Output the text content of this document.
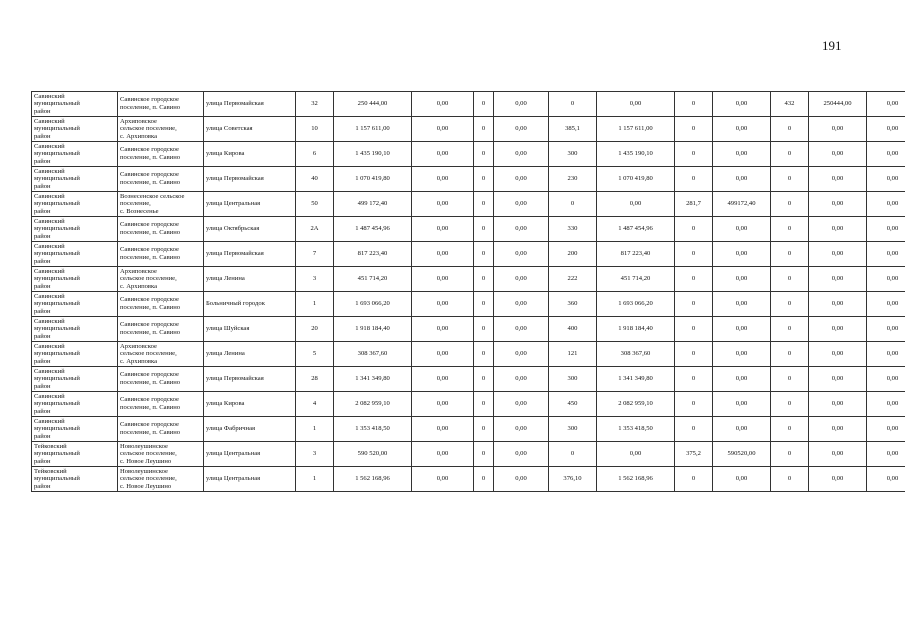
191
Савинский
муниципальный
район	Савинское городское
поселение, п. Савино	улица Первомайская	32	250 444,00	0,00	0	0,00	0	0,00	0	0,00	432	250444,00	0,00
Савинский
муниципальный
район	Архиповское
сельское поселение,
с. Архиповка	улица Советская	10	1 157 611,00	0,00	0	0,00	385,1	1 157 611,00	0	0,00	0	0,00	0,00
Савинский
муниципальный
район	Савинское городское
поселение, п. Савино	улица Кирова	6	1 435 190,10	0,00	0	0,00	300	1 435 190,10	0	0,00	0	0,00	0,00
Савинский
муниципальный
район	Савинское городское
поселение, п. Савино	улица Первомайская	40	1 070 419,80	0,00	0	0,00	230	1 070 419,80	0	0,00	0	0,00	0,00
Савинский
муниципальный
район	Вознесенское сельское
поселение,
с. Вознесенье	улица Центральная	50	499 172,40	0,00	0	0,00	0	0,00	281,7	499172,40	0	0,00	0,00
Савинский
муниципальный
район	Савинское городское
поселение, п. Савино	улица Октябрьская	2А	1 487 454,96	0,00	0	0,00	330	1 487 454,96	0	0,00	0	0,00	0,00
Савинский
муниципальный
район	Савинское городское
поселение, п. Савино	улица Первомайская	7	817 223,40	0,00	0	0,00	200	817 223,40	0	0,00	0	0,00	0,00
Савинский
муниципальный
район	Архиповское
сельское поселение,
с. Архиповка	улица Ленина	3	451 714,20	0,00	0	0,00	222	451 714,20	0	0,00	0	0,00	0,00
Савинский
муниципальный
район	Савинское городское
поселение, п. Савино	Больничный городок	1	1 693 066,20	0,00	0	0,00	360	1 693 066,20	0	0,00	0	0,00	0,00
Савинский
муниципальный
район	Савинское городское
поселение, п. Савино	улица Шуйская	20	1 918 184,40	0,00	0	0,00	400	1 918 184,40	0	0,00	0	0,00	0,00
Савинский
муниципальный
район	Архиповское
сельское поселение,
с. Архиповка	улица Ленина	5	308 367,60	0,00	0	0,00	121	308 367,60	0	0,00	0	0,00	0,00
Савинский
муниципальный
район	Савинское городское
поселение, п. Савино	улица Первомайская	28	1 341 349,80	0,00	0	0,00	300	1 341 349,80	0	0,00	0	0,00	0,00
Савинский
муниципальный
район	Савинское городское
поселение, п. Савино	улица Кирова	4	2 082 959,10	0,00	0	0,00	450	2 082 959,10	0	0,00	0	0,00	0,00
Савинский
муниципальный
район	Савинское городское
поселение, п. Савино	улица Фабричная	1	1 353 418,50	0,00	0	0,00	300	1 353 418,50	0	0,00	0	0,00	0,00
Тейковский
муниципальный
район	Новолеушинское
сельское поселение,
с. Новое Леушино	улица Центральная	3	590 520,00	0,00	0	0,00	0	0,00	375,2	590520,00	0	0,00	0,00
Тейковский
муниципальный
район	Новолеушинское
сельское поселение,
с. Новое Леушино	улица Центральная	1	1 562 168,96	0,00	0	0,00	376,10	1 562 168,96	0	0,00	0	0,00	0,00
